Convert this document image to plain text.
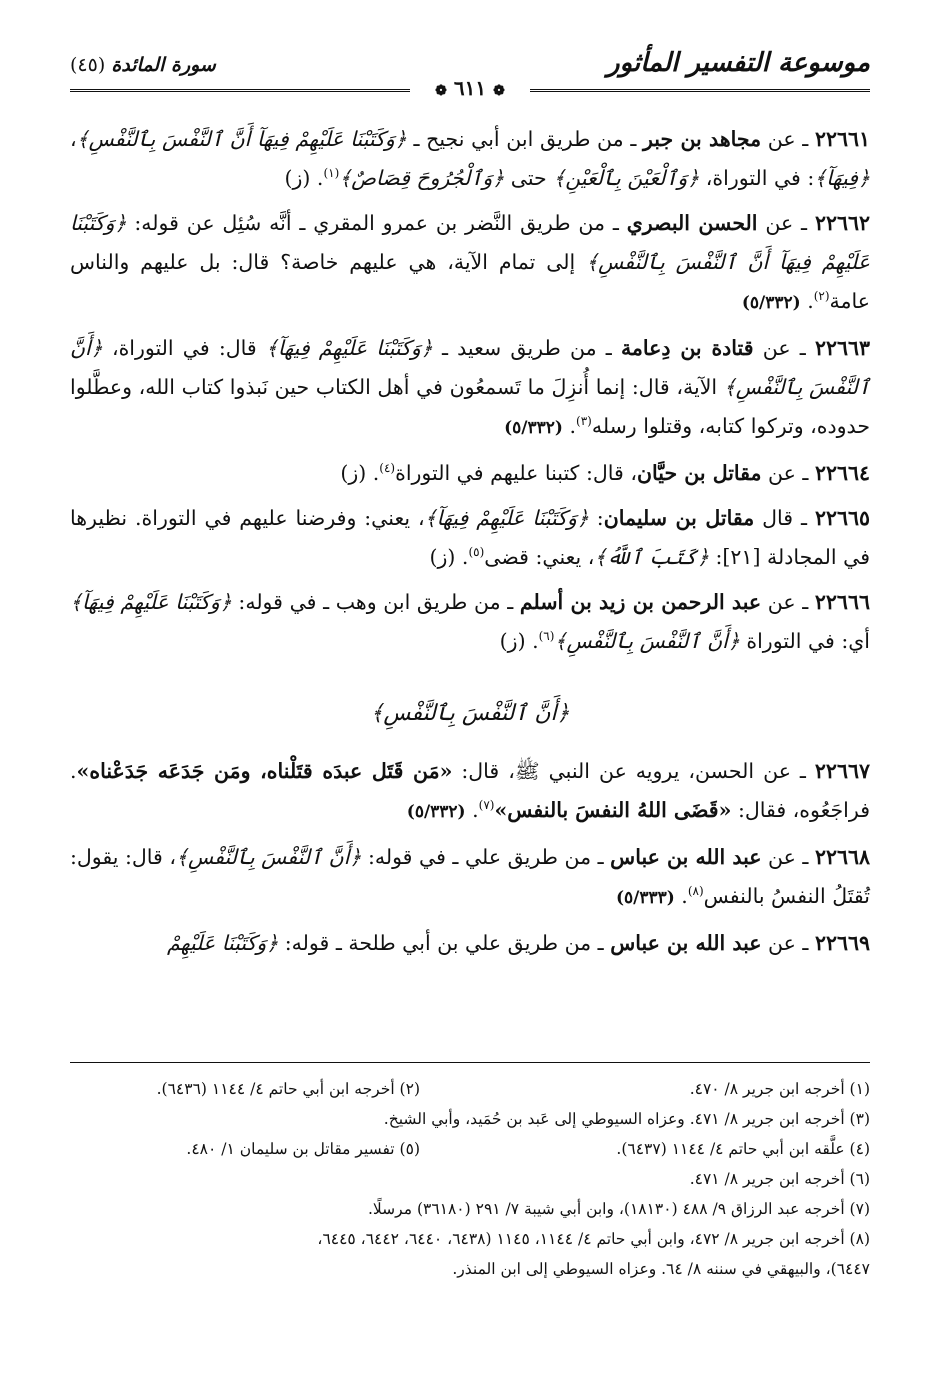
موسوعة التفسير المأثور
سورة المائدة (٤٥)
❁ ٦١١ ❁

٢٢٦٦١ ـ عن مجاهد بن جبر ـ من طريق ابن أبي نجيح ـ ﴿وَكَتَبْنَا عَلَيْهِمْ فِيهَآ أَنَّ ٱلنَّفْسَ بِٱلنَّفْسِ﴾، ﴿فِيهَآ﴾: في التوراة، ﴿وَٱلْعَيْنَ بِٱلْعَيْنِ﴾ حتى ﴿وَٱلْجُرُوحَ قِصَاصٌ﴾$^{(١)}$. (ز)

٢٢٦٦٢ ـ عن الحسن البصري ـ من طريق النَّضر بن عمرو المقري ـ أنَّه سُئِل عن قوله: ﴿وَكَتَبْنَا عَلَيْهِمْ فِيهَآ أَنَّ ٱلنَّفْسَ بِٱلنَّفْسِ﴾ إلى تمام الآية، هي عليهم خاصة؟ قال: بل عليهم والناس عامة$^{(٢)}$. (٥/٣٣٢)

٢٢٦٦٣ ـ عن قتادة بن دِعامة ـ من طريق سعيد ـ ﴿وَكَتَبْنَا عَلَيْهِمْ فِيهَآ﴾ قال: في التوراة، ﴿أَنَّ ٱلنَّفْسَ بِٱلنَّفْسِ﴾ الآية، قال: إنما أُنزِلَ ما تَسمعُون في أهل الكتاب حين نَبذوا كتاب الله، وعطَّلوا حدوده، وتركوا كتابه، وقتلوا رسله$^{(٣)}$. (٥/٣٣٢)

٢٢٦٦٤ ـ عن مقاتل بن حيَّان، قال: كتبنا عليهم في التوراة$^{(٤)}$. (ز)

٢٢٦٦٥ ـ قال مقاتل بن سليمان: ﴿وَكَتَبْنَا عَلَيْهِمْ فِيهَآ﴾، يعني: وفرضنا عليهم في التوراة. نظيرها في المجادلة [٢١]: ﴿كَتَبَ ٱللَّهُ﴾، يعني: قضى$^{(٥)}$. (ز)

٢٢٦٦٦ ـ عن عبد الرحمن بن زيد بن أسلم ـ من طريق ابن وهب ـ في قوله: ﴿وَكَتَبْنَا عَلَيْهِمْ فِيهَآ﴾ أي: في التوراة ﴿أَنَّ ٱلنَّفْسَ بِٱلنَّفْسِ﴾$^{(٦)}$. (ز)

﴿أَنَّ ٱلنَّفْسَ بِٱلنَّفْسِ﴾

٢٢٦٦٧ ـ عن الحسن، يرويه عن النبي ﷺ، قال: «مَن قَتَل عبدَه قتَلْناه، ومَن جَدَعَه جَدَعْناه». فراجَعُوه، فقال: «قَضَى اللهُ النفسَ بالنفس»$^{(٧)}$. (٥/٣٣٢)

٢٢٦٦٨ ـ عن عبد الله بن عباس ـ من طريق علي ـ في قوله: ﴿أَنَّ ٱلنَّفْسَ بِٱلنَّفْسِ﴾، قال: يقول: تُقتَلُ النفسُ بالنفس$^{(٨)}$. (٥/٣٣٣)

٢٢٦٦٩ ـ عن عبد الله بن عباس ـ من طريق علي بن أبي طلحة ـ قوله: ﴿وَكَتَبْنَا عَلَيْهِمْ

(١) أخرجه ابن جرير ٨/ ٤٧٠.
(٢) أخرجه ابن أبي حاتم ٤/ ١١٤٤ (٦٤٣٦).
(٣) أخرجه ابن جرير ٨/ ٤٧١. وعزاه السيوطي إلى عَبد بن حُمَيد، وأبي الشيخ.
(٤) علَّقه ابن أبي حاتم ٤/ ١١٤٤ (٦٤٣٧).
(٥) تفسير مقاتل بن سليمان ١/ ٤٨٠.
(٦) أخرجه ابن جرير ٨/ ٤٧١.
(٧) أخرجه عبد الرزاق ٩/ ٤٨٨ (١٨١٣٠)، وابن أبي شيبة ٧/ ٢٩١ (٣٦١٨٠) مرسلًا.
(٨) أخرجه ابن جرير ٨/ ٤٧٢، وابن أبي حاتم ٤/ ١١٤٤، ١١٤٥ (٦٤٣٨، ٦٤٤٠، ٦٤٤٢، ٦٤٤٥،
٦٤٤٧)، والبيهقي في سننه ٨/ ٦٤. وعزاه السيوطي إلى ابن المنذر.
